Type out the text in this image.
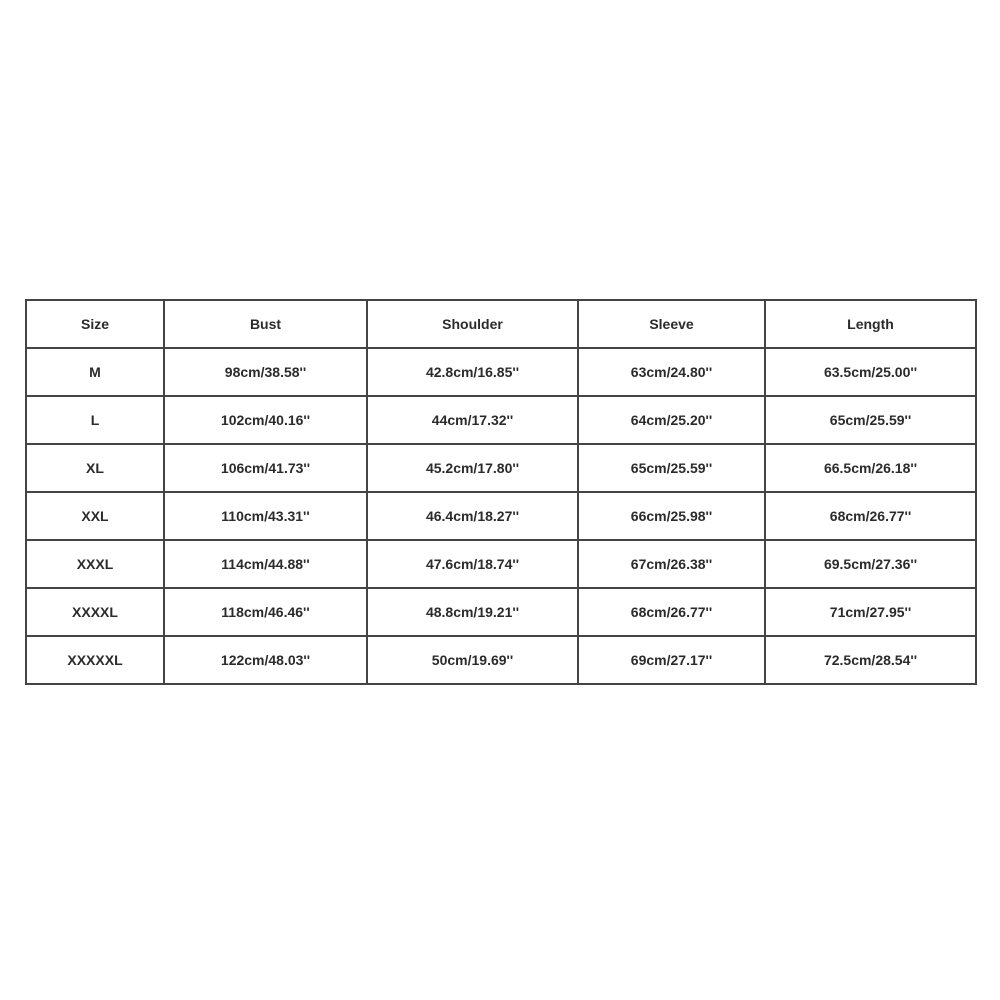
Size	Bust	Shoulder	Sleeve	Length
M	98cm/38.58''	42.8cm/16.85''	63cm/24.80''	63.5cm/25.00''
L	102cm/40.16''	44cm/17.32''	64cm/25.20''	65cm/25.59''
XL	106cm/41.73''	45.2cm/17.80''	65cm/25.59''	66.5cm/26.18''
XXL	110cm/43.31''	46.4cm/18.27''	66cm/25.98''	68cm/26.77''
XXXL	114cm/44.88''	47.6cm/18.74''	67cm/26.38''	69.5cm/27.36''
XXXXL	118cm/46.46''	48.8cm/19.21''	68cm/26.77''	71cm/27.95''
XXXXXL	122cm/48.03''	50cm/19.69''	69cm/27.17''	72.5cm/28.54''
